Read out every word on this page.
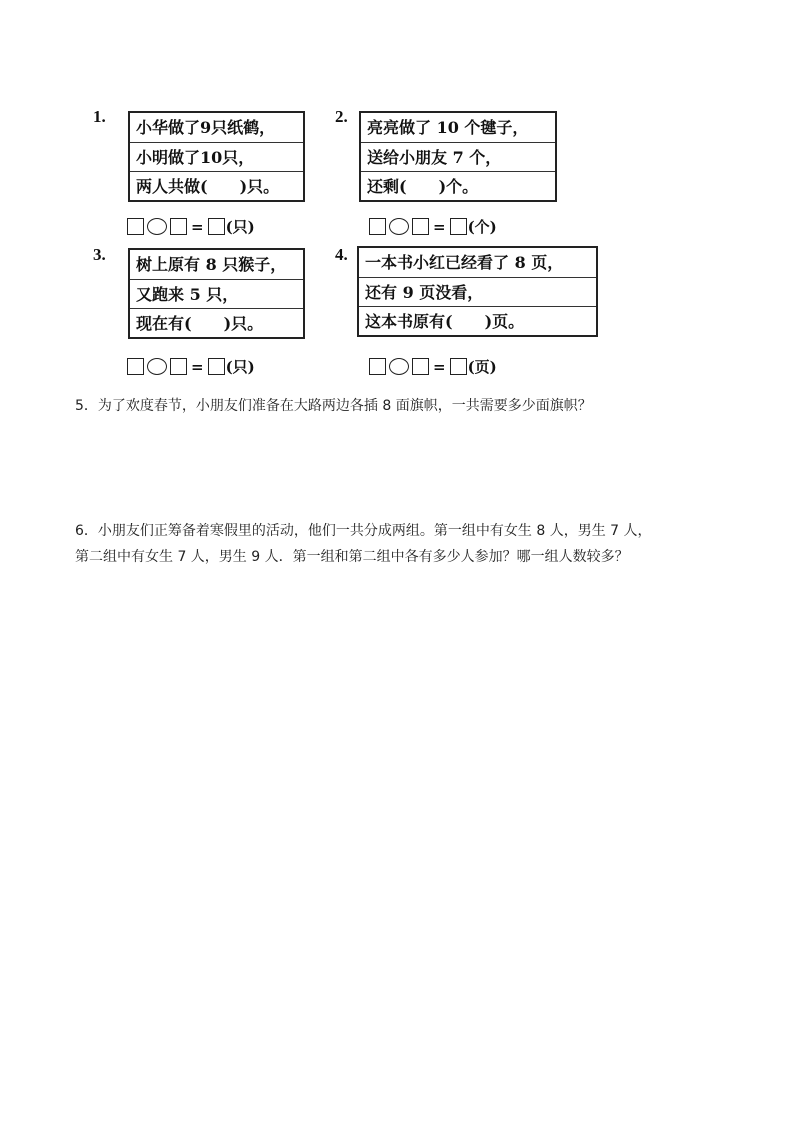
1.
小华做了9只纸鹤，
小明做了10只，
两人共做(　　)只。
= (只)
2.
亮亮做了 10 个毽子，
送给小朋友 7 个，
还剩(　　)个。
= (个)
3.
树上原有 8 只猴子，
又跑来 5 只，
现在有(　　)只。
= (只)
4.	一本书小红已经看了 8 页，
还有 9 页没看，
这本书原有(　　)页。
= (页)
5．为了欢度春节，小朋友们准备在大路两边各插 8 面旗帜，一共需要多少面旗帜？
6．小朋友们正筹备着寒假里的活动，他们一共分成两组。第一组中有女生 8 人，男生 7 人，
第二组中有女生 7 人，男生 9 人．第一组和第二组中各有多少人参加？哪一组人数较多？
